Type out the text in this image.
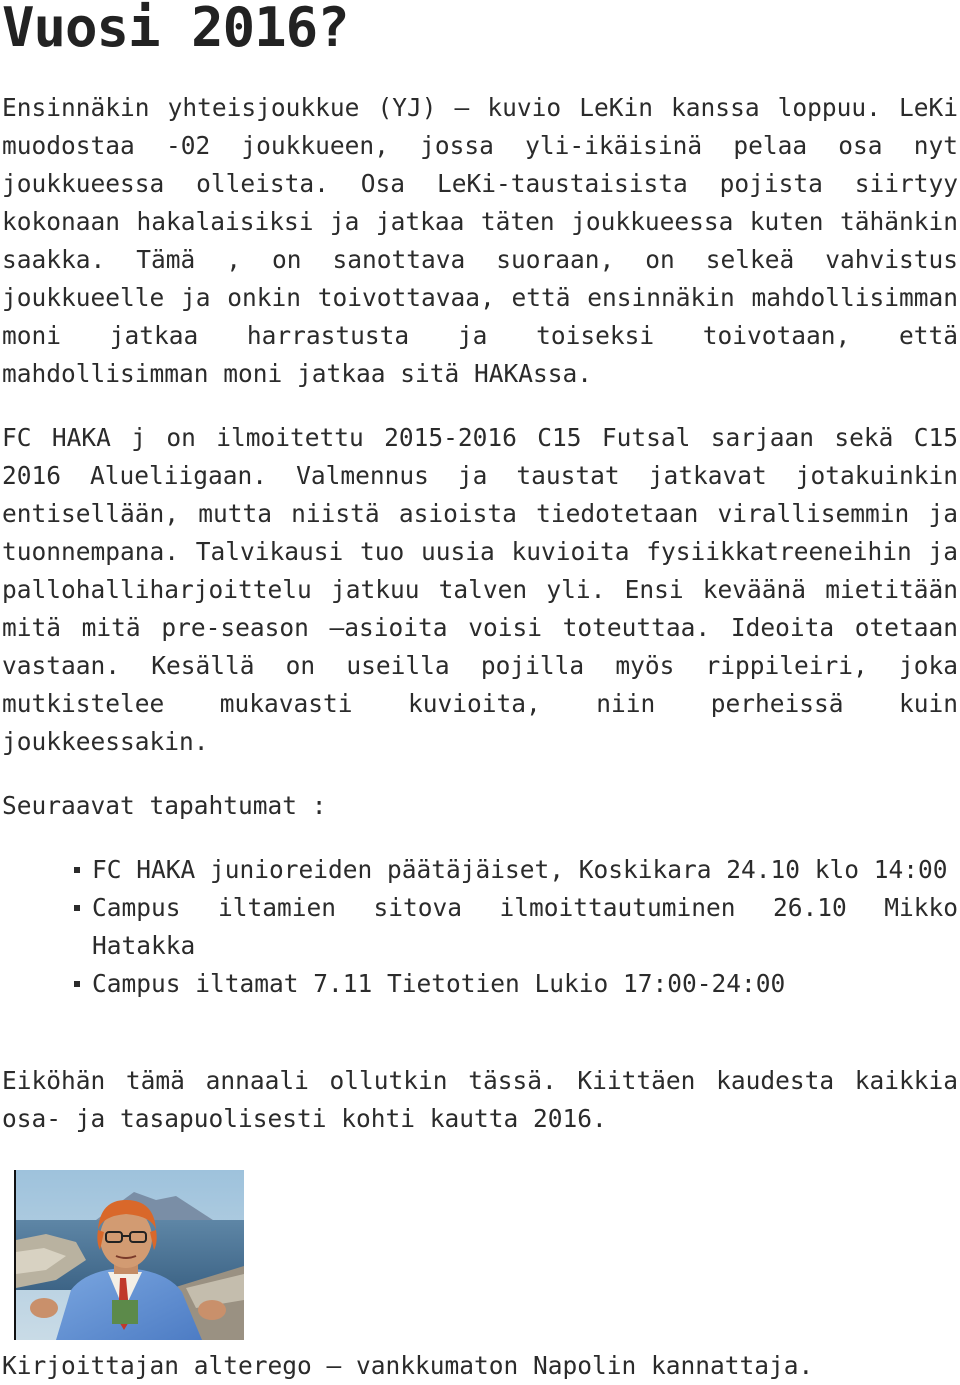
Vuosi 2016?

Ensinnäkin yhteisjoukkue (YJ) – kuvio LeKin kanssa loppuu. LeKi muodostaa -02 joukkueen, jossa yli-ikäisinä pelaa osa nyt joukkueessa olleista. Osa LeKi-taustaisista pojista siirtyy kokonaan hakalaisiksi ja jatkaa täten joukkueessa kuten tähänkin saakka. Tämä , on sanottava suoraan, on selkeä vahvistus joukkueelle ja onkin toivottavaa, että ensinnäkin mahdollisimman moni jatkaa harrastusta ja toiseksi toivotaan, että mahdollisimman moni jatkaa sitä HAKAssa.

FC HAKA j on ilmoitettu 2015-2016 C15 Futsal sarjaan sekä C15 2016 Alueliigaan. Valmennus ja taustat jatkavat jotakuinkin entisellään, mutta niistä asioista tiedotetaan virallisemmin ja tuonnempana. Talvikausi tuo uusia kuvioita fysiikkatreeneihin ja pallohalliharjoittelu jatkuu talven yli. Ensi keväänä mietitään mitä mitä pre-season –asioita voisi toteuttaa. Ideoita otetaan vastaan. Kesällä on useilla pojilla myös rippileiri, joka mutkistelee mukavasti kuvioita, niin perheissä kuin joukkeessakin.

Seuraavat tapahtumat :

FC HAKA junioreiden päätäjäiset, Koskikara 24.10 klo 14:00
Campus iltamien sitova ilmoittautuminen 26.10 Mikko Hatakka
Campus iltamat 7.11 Tietotien Lukio 17:00-24:00

Eiköhän tämä annaali ollutkin tässä. Kiittäen kaudesta kaikkia osa- ja tasapuolisesti kohti kautta 2016.

Kirjoittajan alterego – vankkumaton Napolin kannattaja.
